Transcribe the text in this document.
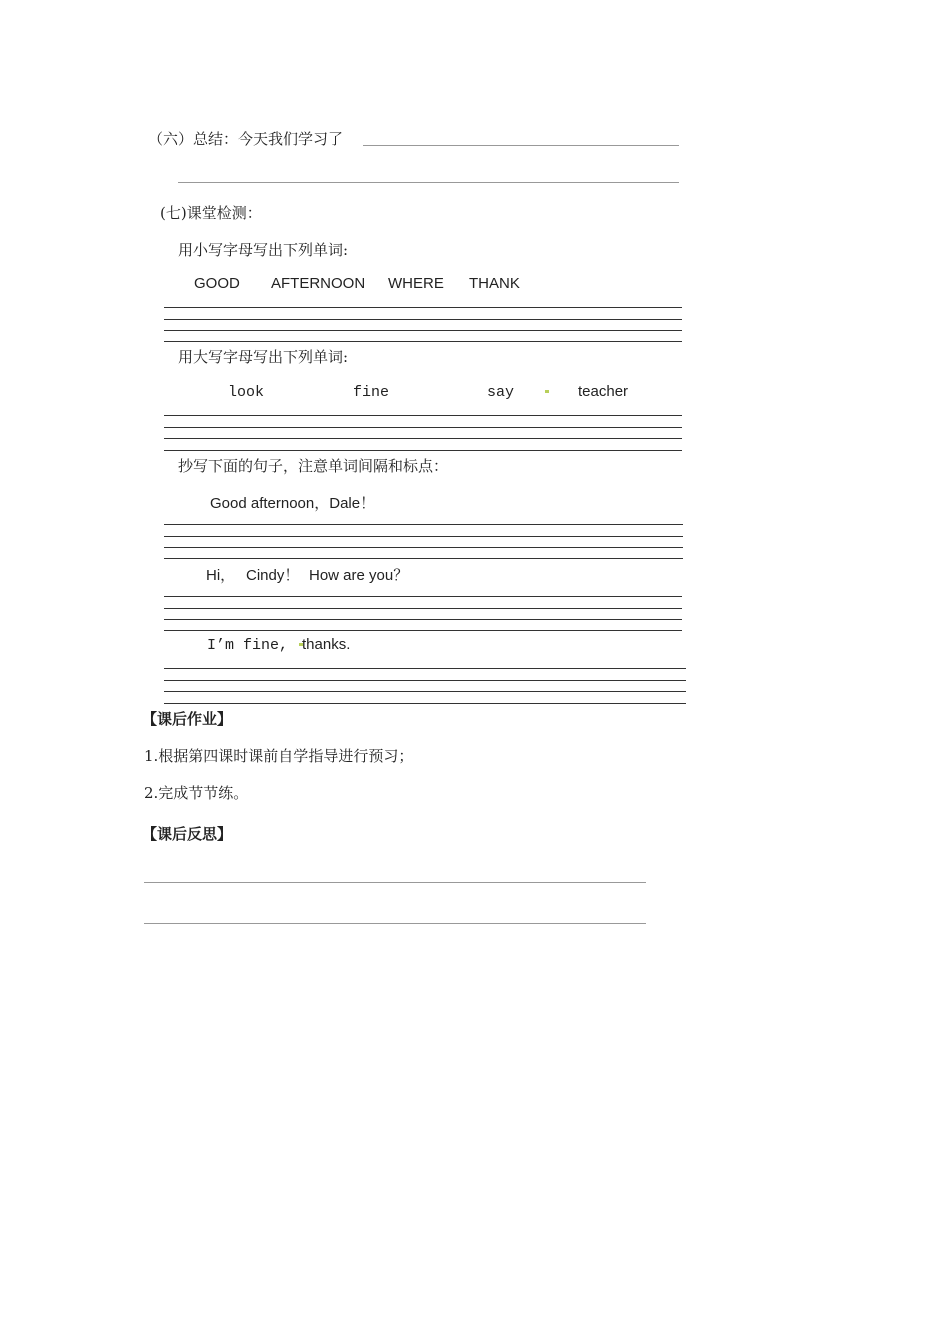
（六）总结：今天我们学习了
(七)课堂检测：
用小写字母写出下列单词:
GOOD AFTERNOON WHERE THANK
用大写字母写出下列单词:
look	fine	say	teacher
抄写下面的句子，注意单词间隔和标点：
Good afternoon，Dale！
Hi， Cindy！ How are you？
I’m fine, thanks.
【课后作业】
1.根据第四课时课前自学指导进行预习；
2.完成节节练。
【课后反思】
